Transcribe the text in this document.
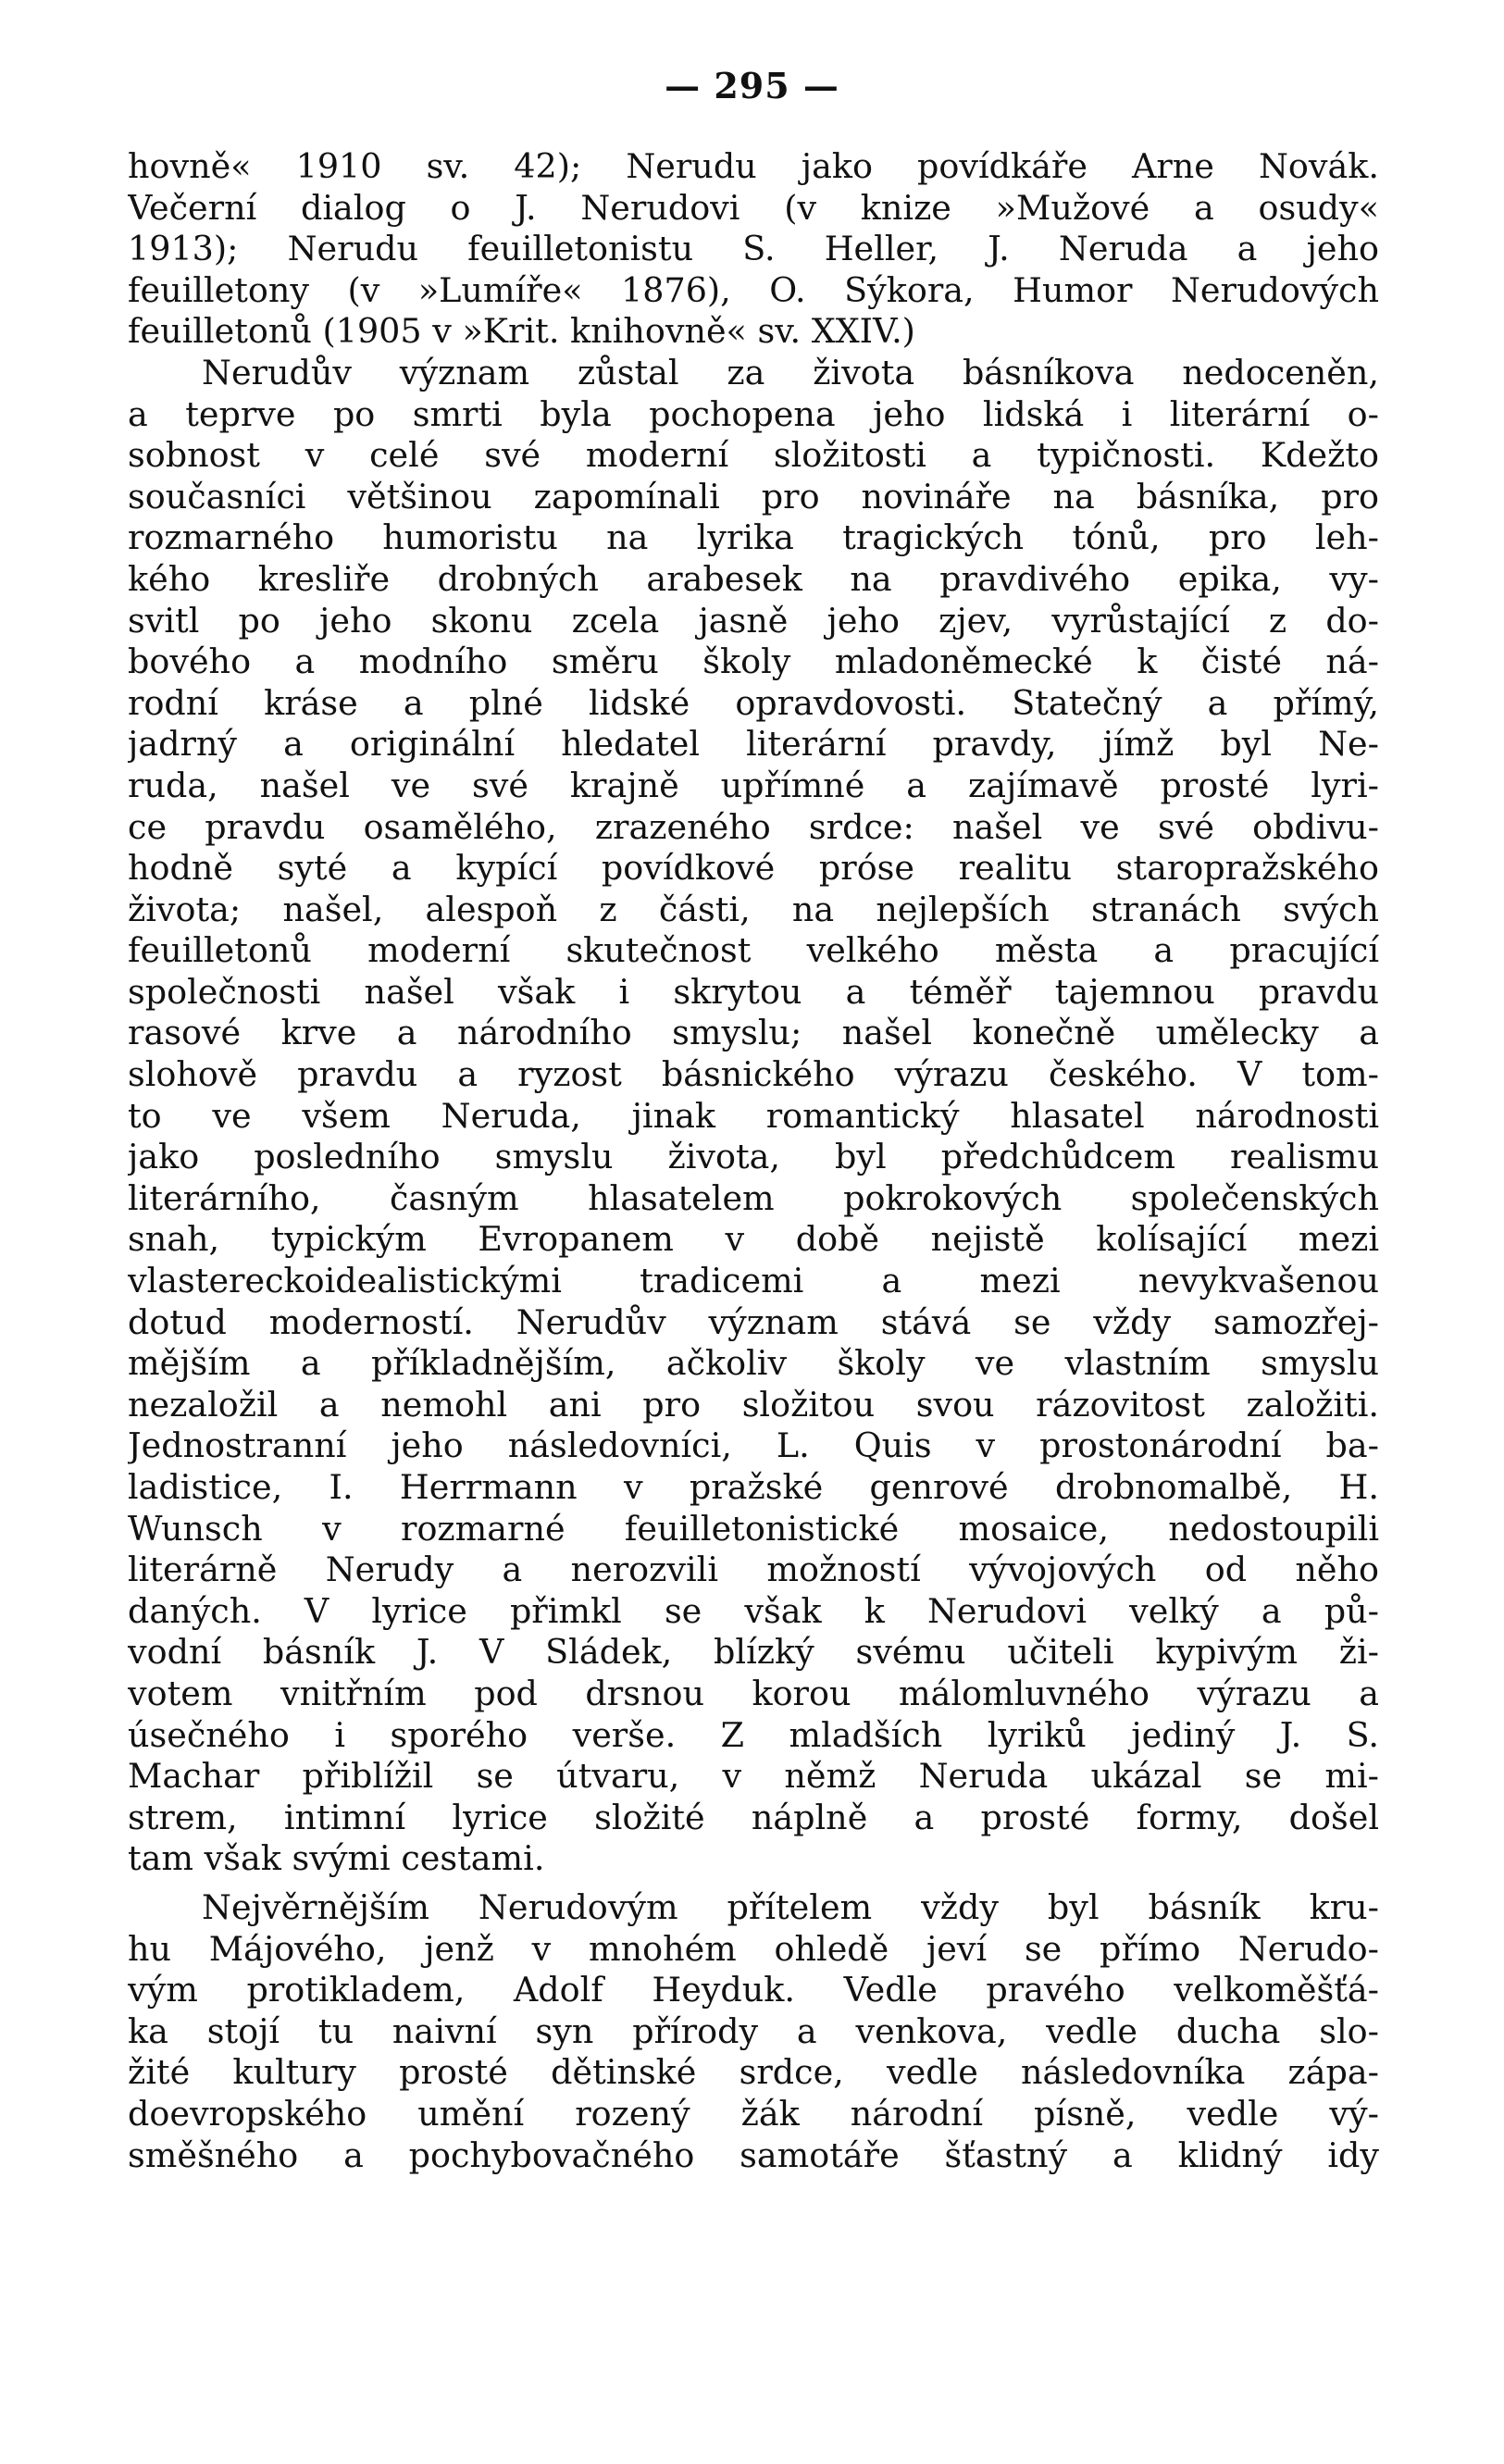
— 295 —
hovně« 1910 sv. 42); Nerudu jako povídkáře Arne Novák.
Večerní dialog o J. Nerudovi (v knize »Mužové a osudy«
1913); Nerudu feuilletonistu S. Heller, J. Neruda a jeho
feuilletony (v »Lumíře« 1876), O. Sýkora, Humor Nerudových
feuilletonů (1905 v »Krit. knihovně« sv. XXIV.)
Nerudův význam zůstal za života básníkova nedoceněn,
a teprve po smrti byla pochopena jeho lidská i literární o-
sobnost v celé své moderní složitosti a typičnosti. Kdežto
současníci většinou zapomínali pro novináře na básníka, pro
rozmarného humoristu na lyrika tragických tónů, pro leh-
kého kresliře drobných arabesek na pravdivého epika, vy-
svitl po jeho skonu zcela jasně jeho zjev, vyrůstající z do-
bového a modního směru školy mladoněmecké k čisté ná-
rodní kráse a plné lidské opravdovosti. Statečný a přímý,
jadrný a originální hledatel literární pravdy, jímž byl Ne-
ruda, našel ve své krajně upřímné a zajímavě prosté lyri-
ce pravdu osamělého, zrazeného srdce: našel ve své obdivu-
hodně syté a kypící povídkové próse realitu staropražského
života; našel, alespoň z části, na nejlepších stranách svých
feuilletonů moderní skutečnost velkého města a pracující
společnosti našel však i skrytou a téměř tajemnou pravdu
rasové krve a národního smyslu; našel konečně umělecky a
slohově pravdu a ryzost básnického výrazu českého. V tom-
to ve všem Neruda, jinak romantický hlasatel národnosti
jako posledního smyslu života, byl předchůdcem realismu
literárního, časným hlasatelem pokrokových společenských
snah, typickým Evropanem v době nejistě kolísající mezi
vlastereckoidealistickými tradicemi a mezi nevykvašenou
dotud moderností. Nerudův význam stává se vždy samozřej-
mějším a příkladnějším, ačkoliv školy ve vlastním smyslu
nezaložil a nemohl ani pro složitou svou rázovitost založiti.
Jednostranní jeho následovníci, L. Quis v prostonárodní ba-
ladistice, I. Herrmann v pražské genrové drobnomalbě, H.
Wunsch v rozmarné feuilletonistické mosaice, nedostoupili
literárně Nerudy a nerozvili možností vývojových od něho
daných. V lyrice přimkl se však k Nerudovi velký a pů-
vodní básník J. V Sládek, blízký svému učiteli kypivým ži-
votem vnitřním pod drsnou korou málomluvného výrazu a
úsečného i sporého verše. Z mladších lyriků jediný J. S.
Machar přiblížil se útvaru, v němž Neruda ukázal se mi-
strem, intimní lyrice složité náplně a prosté formy, došel
tam však svými cestami.
Nejvěrnějším Nerudovým přítelem vždy byl básník kru-
hu Májového, jenž v mnohém ohledě jeví se přímo Nerudo-
vým protikladem, Adolf Heyduk. Vedle pravého velkoměšťá-
ka stojí tu naivní syn přírody a venkova, vedle ducha slo-
žité kultury prosté dětinské srdce, vedle následovníka zápa-
doevropského umění rozený žák národní písně, vedle vý-
směšného a pochybovačného samotáře šťastný a klidný idy
